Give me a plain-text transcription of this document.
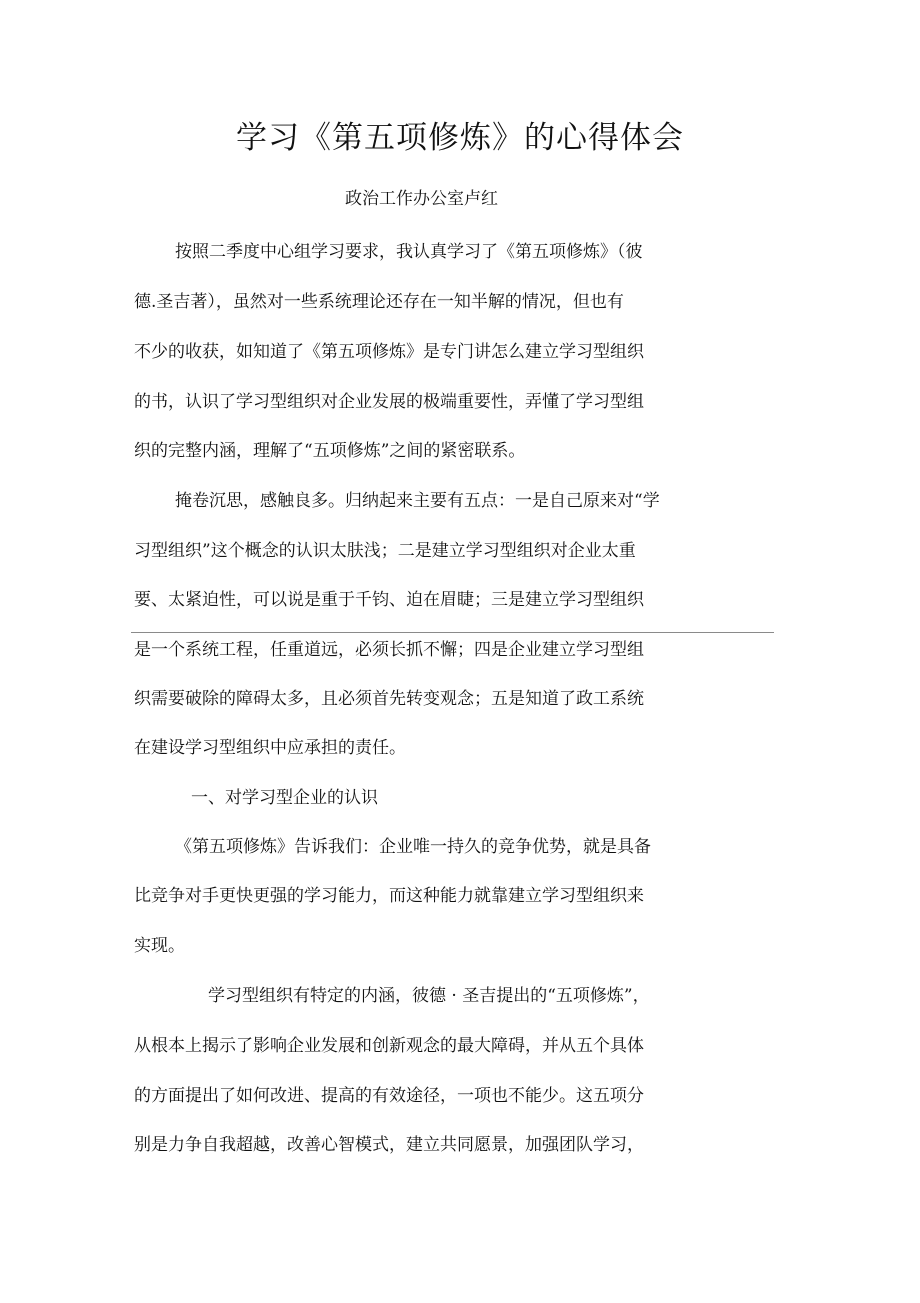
学习《第五项修炼》的心得体会
政治工作办公室卢红
按照二季度中心组学习要求，我认真学习了《第五项修炼》（彼
德.圣吉著），虽然对一些系统理论还存在一知半解的情况，但也有
不少的收获，如知道了《第五项修炼》是专门讲怎么建立学习型组织
的书，认识了学习型组织对企业发展的极端重要性，弄懂了学习型组
织的完整内涵，理解了“五项修炼”之间的紧密联系。
掩卷沉思，感触良多。归纳起来主要有五点：一是自己原来对“学
习型组织”这个概念的认识太肤浅；二是建立学习型组织对企业太重
要、太紧迫性，可以说是重于千钧、迫在眉睫；三是建立学习型组织
是一个系统工程，任重道远，必须长抓不懈；四是企业建立学习型组
织需要破除的障碍太多，且必须首先转变观念；五是知道了政工系统
在建设学习型组织中应承担的责任。
一、对学习型企业的认识
《第五项修炼》告诉我们：企业唯一持久的竞争优势，就是具备
比竞争对手更快更强的学习能力，而这种能力就靠建立学习型组织来
实现。
学习型组织有特定的内涵，彼德 · 圣吉提出的“五项修炼”，
从根本上揭示了影响企业发展和创新观念的最大障碍，并从五个具体
的方面提出了如何改进、提高的有效途径，一项也不能少。这五项分
别是力争自我超越，改善心智模式，建立共同愿景，加强团队学习，
